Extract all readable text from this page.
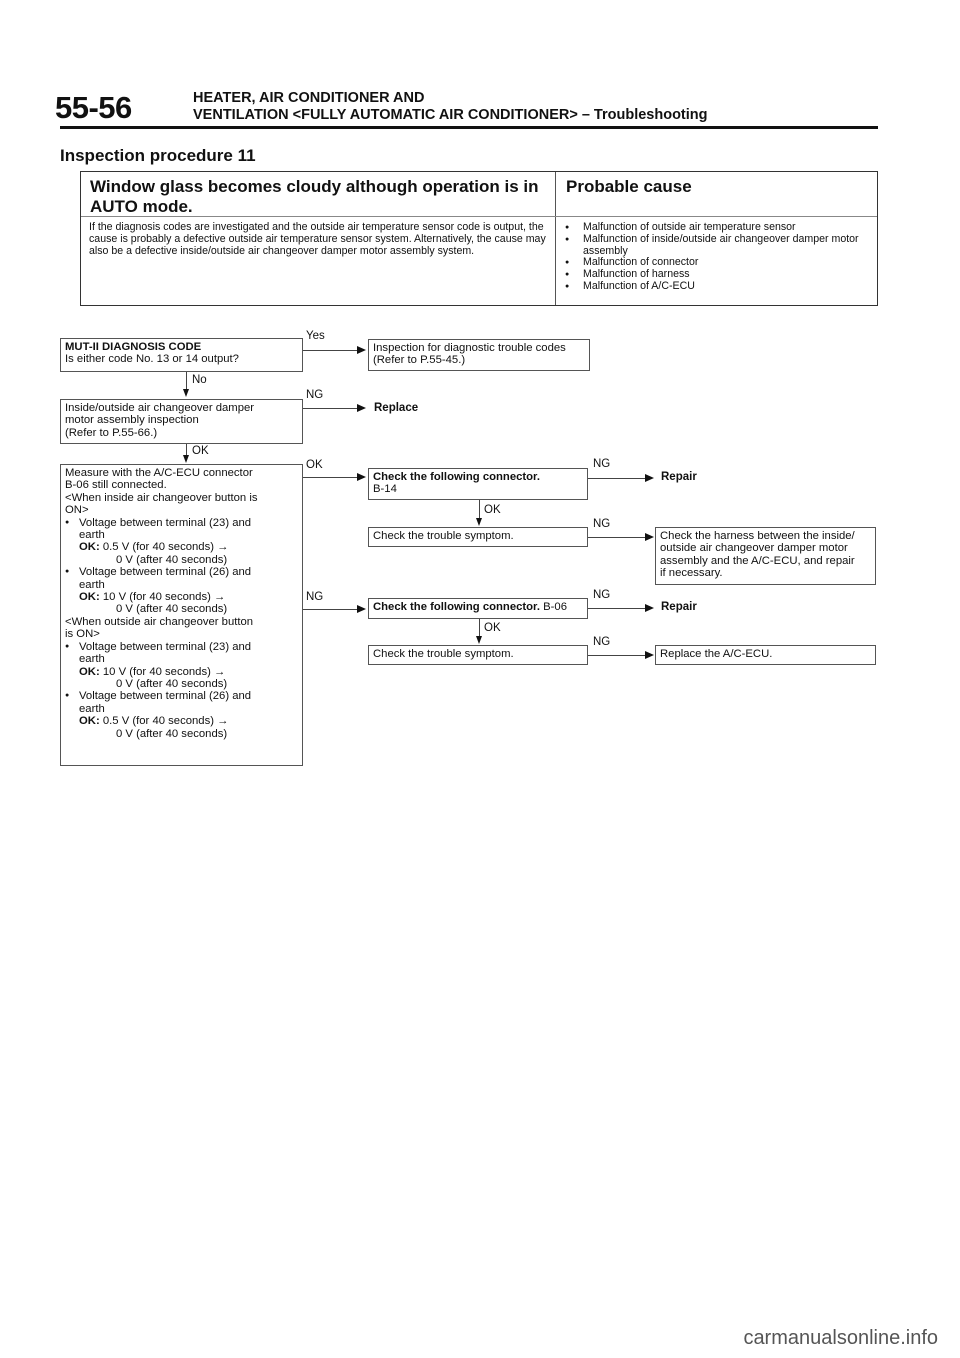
55-56	HEATER, AIR CONDITIONER AND
VENTILATION <FULLY AUTOMATIC AIR CONDITIONER> – Troubleshooting
Inspection procedure 11
Window glass becomes cloudy although operation is in AUTO mode.
Probable cause
If the diagnosis codes are investigated and the outside air temperature sensor code is output, the cause is probably a defective outside air temperature sensor system. Alternatively, the cause may also be a defective inside/outside air changeover damper motor assembly system.
● Malfunction of outside air temperature sensor
● Malfunction of inside/outside air changeover damper motor assembly
● Malfunction of connector
● Malfunction of harness
● Malfunction of A/C-ECU
MUT-II DIAGNOSIS CODE
Is either code No. 13 or 14 output?
Yes
Inspection for diagnostic trouble codes
(Refer to P.55-45.)
No
Inside/outside air changeover damper
motor assembly inspection
(Refer to P.55-66.)
NG
Replace
OK
Measure with the A/C-ECU connector
B-06 still connected.
<When inside air changeover button is
ON>
● Voltage between terminal (23) and
earth
OK: 0.5 V (for 40 seconds) →
0 V (after 40 seconds)
● Voltage between terminal (26) and
earth
OK: 10 V (for 40 seconds) →
0 V (after 40 seconds)
<When outside air changeover button
is ON>
● Voltage between terminal (23) and
earth
OK: 10 V (for 40 seconds) →
0 V (after 40 seconds)
● Voltage between terminal (26) and
earth
OK: 0.5 V (for 40 seconds) →
0 V (after 40 seconds)
OK
Check the following connector.
B-14
NG
Repair
OK
Check the trouble symptom.
NG
Check the harness between the inside/
outside air changeover damper motor
assembly and the A/C-ECU, and repair
if necessary.
NG
Check the following connector. B-06
NG
Repair
OK
Check the trouble symptom.
NG
Replace the A/C-ECU.
carmanualsonline.info
